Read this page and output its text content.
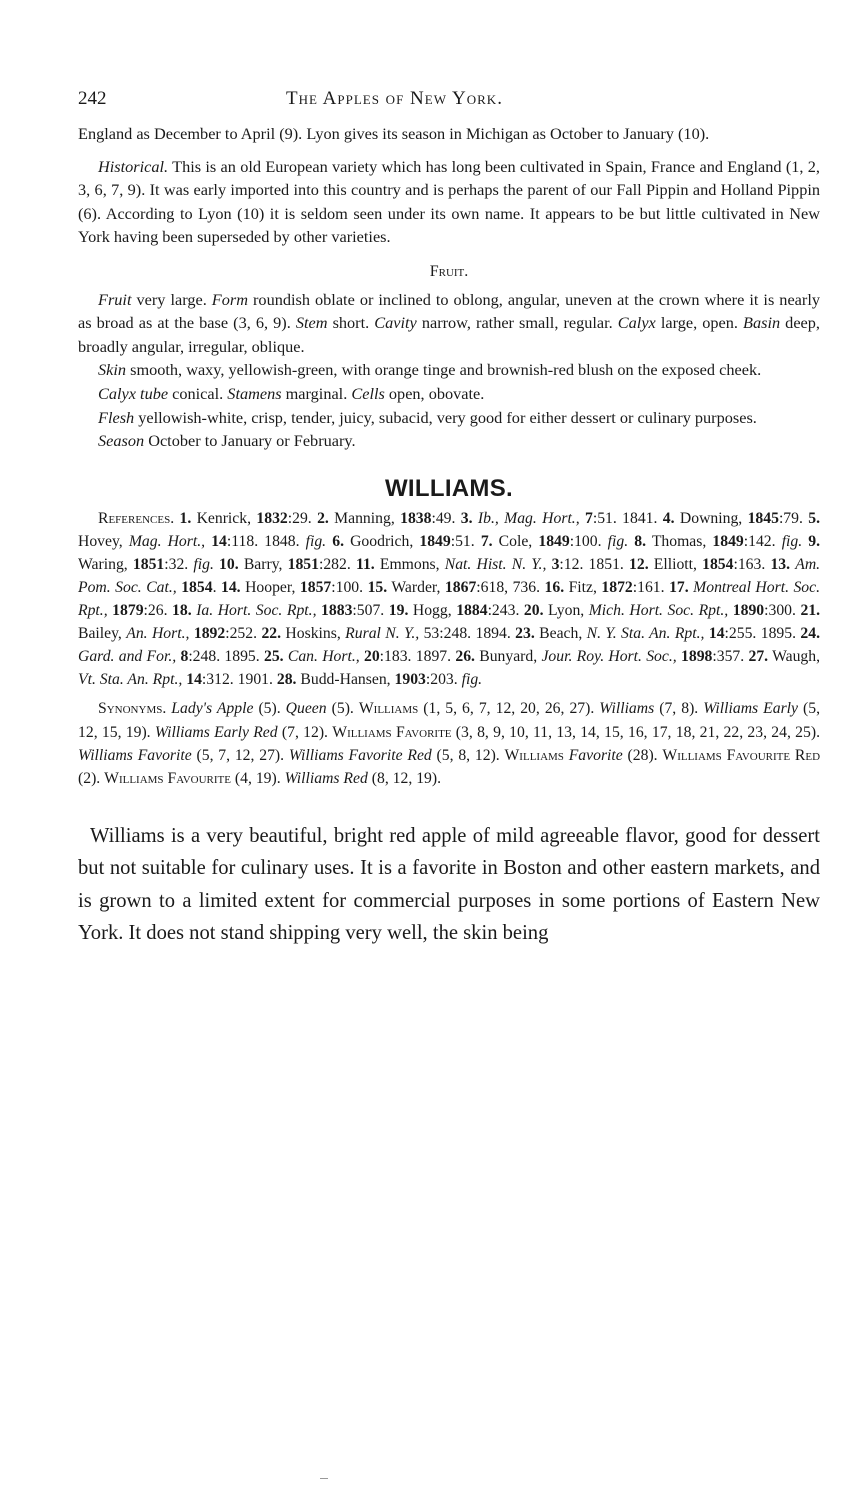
242	The Apples of New York.

England as December to April (9). Lyon gives its season in Michigan as October to January (10).

Historical. This is an old European variety which has long been cultivated in Spain, France and England (1, 2, 3, 6, 7, 9). It was early imported into this country and is perhaps the parent of our Fall Pippin and Holland Pippin (6). According to Lyon (10) it is seldom seen under its own name. It appears to be but little cultivated in New York having been superseded by other varieties.

Fruit.

Fruit very large. Form roundish oblate or inclined to oblong, angular, uneven at the crown where it is nearly as broad as at the base (3, 6, 9). Stem short. Cavity narrow, rather small, regular. Calyx large, open. Basin deep, broadly angular, irregular, oblique.

Skin smooth, waxy, yellowish-green, with orange tinge and brownish-red blush on the exposed cheek.

Calyx tube conical. Stamens marginal. Cells open, obovate.

Flesh yellowish-white, crisp, tender, juicy, subacid, very good for either dessert or culinary purposes.

Season October to January or February.

WILLIAMS.

References. 1. Kenrick, 1832:29. 2. Manning, 1838:49. 3. Ib., Mag. Hort., 7:51. 1841. 4. Downing, 1845:79. 5. Hovey, Mag. Hort., 14:118. 1848. fig. 6. Goodrich, 1849:51. 7. Cole, 1849:100. fig. 8. Thomas, 1849:142. fig. 9. Waring, 1851:32. fig. 10. Barry, 1851:282. 11. Emmons, Nat. Hist. N. Y., 3:12. 1851. 12. Elliott, 1854:163. 13. Am. Pom. Soc. Cat., 1854. 14. Hooper, 1857:100. 15. Warder, 1867:618, 736. 16. Fitz, 1872:161. 17. Montreal Hort. Soc. Rpt., 1879:26. 18. Ia. Hort. Soc. Rpt., 1883:507. 19. Hogg, 1884:243. 20. Lyon, Mich. Hort. Soc. Rpt., 1890:300. 21. Bailey, An. Hort., 1892:252. 22. Hoskins, Rural N. Y., 53:248. 1894. 23. Beach, N. Y. Sta. An. Rpt., 14:255. 1895. 24. Gard. and For., 8:248. 1895. 25. Can. Hort., 20:183. 1897. 26. Bunyard, Jour. Roy. Hort. Soc., 1898:357. 27. Waugh, Vt. Sta. An. Rpt., 14:312. 1901. 28. Budd-Hansen, 1903:203. fig.

Synonyms. Lady's Apple (5). Queen (5). Williams (1, 5, 6, 7, 12, 20, 26, 27). Williams (7, 8). Williams Early (5, 12, 15, 19). Williams Early Red (7, 12). Williams Favorite (3, 8, 9, 10, 11, 13, 14, 15, 16, 17, 18, 21, 22, 23, 24, 25). Williams Favorite (5, 7, 12, 27). Williams Favorite Red (5, 8, 12). Williams Favorite (28). Williams Favourite Red (2). Williams Favourite (4, 19). Williams Red (8, 12, 19).

Williams is a very beautiful, bright red apple of mild agreeable flavor, good for dessert but not suitable for culinary uses. It is a favorite in Boston and other eastern markets, and is grown to a limited extent for commercial purposes in some portions of Eastern New York. It does not stand shipping very well, the skin being
